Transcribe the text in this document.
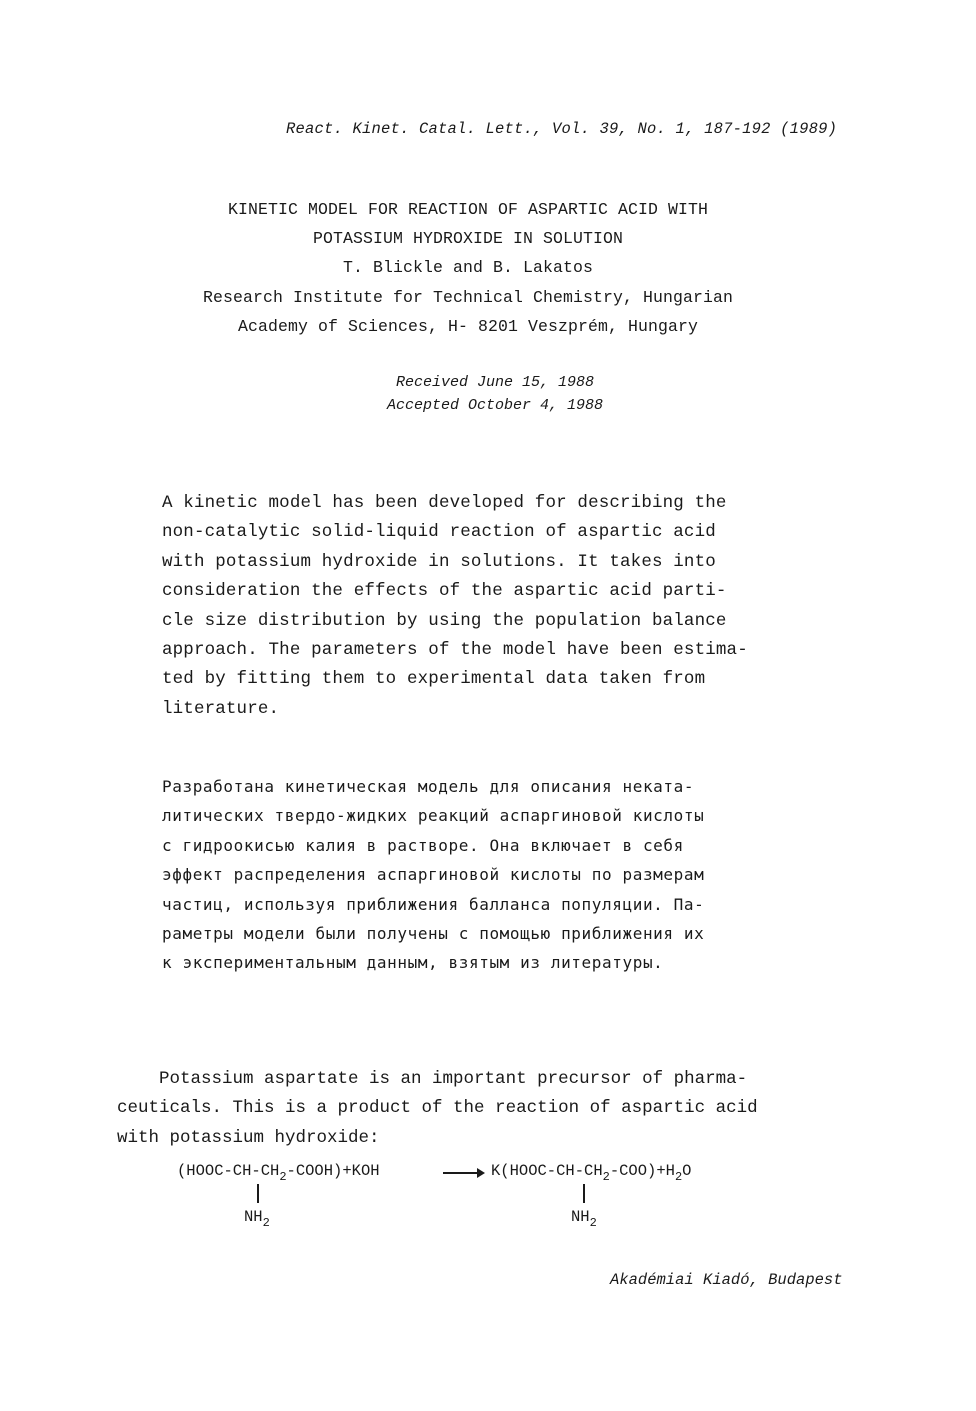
React. Kinet. Catal. Lett., Vol. 39, No. 1, 187-192 (1989)
KINETIC MODEL FOR REACTION OF ASPARTIC ACID WITH
POTASSIUM HYDROXIDE IN SOLUTION
T. Blickle and B. Lakatos
Research Institute for Technical Chemistry, Hungarian
Academy of Sciences, H- 8201 Veszprém, Hungary
Received June 15, 1988
Accepted October 4, 1988
A kinetic model has been developed for describing the
non-catalytic solid-liquid reaction of aspartic acid
with potassium hydroxide in solutions. It takes into
consideration the effects of the aspartic acid parti-
cle size distribution by using the population balance
approach. The parameters of the model have been estima-
ted by fitting them to experimental data taken from
literature.
Разработана кинетическая модель для описания неката-
литических твердо-жидких реакций аспаргиновой кислоты
с гидроокисью калия в растворе. Она включает в себя
эффект распределения аспаргиновой кислоты по размерам
частиц, используя приближения балланса популяции. Па-
раметры модели были получены с помощью приближения их
к экспериментальным данным, взятым из литературы.
Potassium aspartate is an important precursor of pharma-
ceuticals. This is a product of the reaction of aspartic acid
with potassium hydroxide:
$(HOOC-CH-CH_2-COOH)+KOH$
$NH_2$
→ $K(HOOC-CH-CH_2-COO)+H_2O$
$NH_2$
Akadémiai Kiadó, Budapest
